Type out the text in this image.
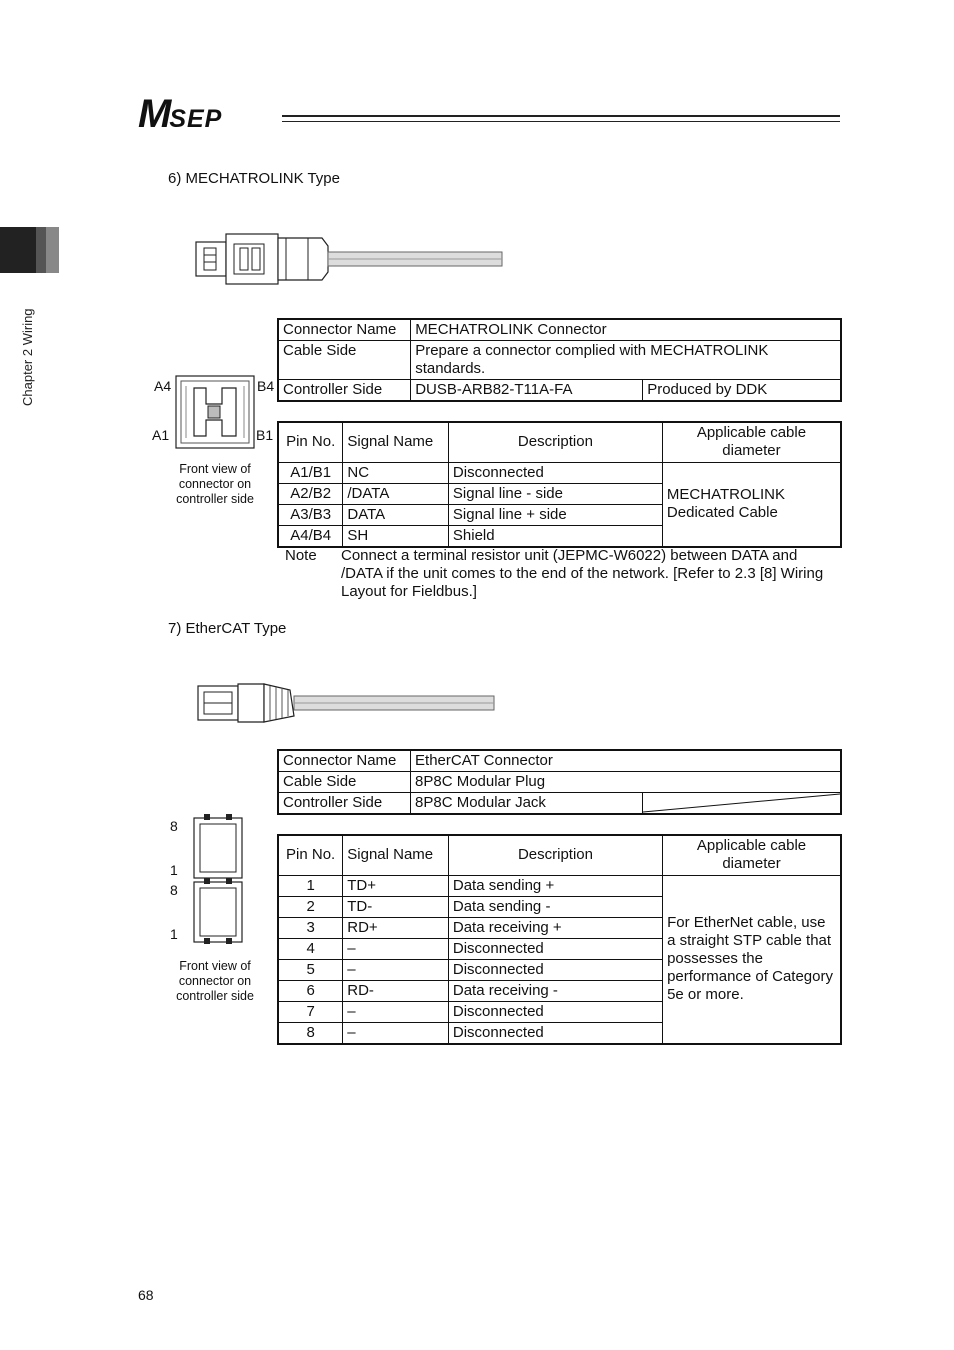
MSEP
Chapter 2 Wiring
6) MECHATROLINK Type
A4	B4
A1	B1
Front view of
connector on
controller side
Connector Name	MECHATROLINK Connector	
Cable Side	Prepare a connector complied with MECHATROLINK standards.	
Controller Side	DUSB-ARB82-T11A-FA	Produced by DDK
Pin No.	Signal Name	Description	Applicable cable diameter
A1/B1	NC	Disconnected	MECHATROLINK Dedicated Cable
A2/B2	/DATA	Signal line - side	
A3/B3	DATA	Signal line + side	
A4/B4	SH	Shield	
Note Connect a terminal resistor unit (JEPMC-W6022) between DATA and /DATA if the unit comes to the end of the network. [Refer to 2.3 [8] Wiring Layout for Fieldbus.]
7) EtherCAT Type
Connector Name	EtherCAT Connector	
Cable Side	8P8C Modular Plug	
Controller Side	8P8C Modular Jack	
8
1
8
1
Front view of
connector on
controller side
Pin No.	Signal Name	Description	Applicable cable diameter
1	TD+	Data sending +	For EtherNet cable, use a straight STP cable that possesses the performance of Category 5e or more.
2	TD-	Data sending -	
3	RD+	Data receiving +	
4	–	Disconnected	
5	–	Disconnected	
6	RD-	Data receiving -	
7	–	Disconnected	
8	–	Disconnected	
68
